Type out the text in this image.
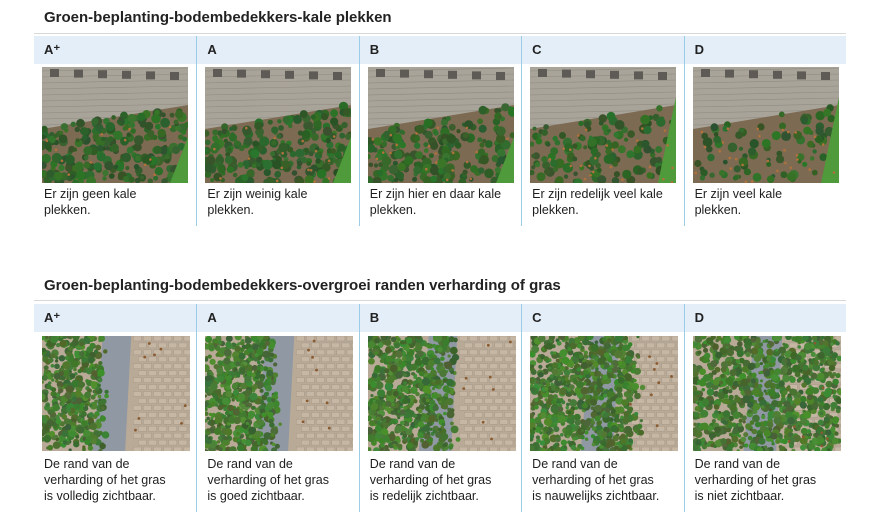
Groen-beplanting-bodembedekkers-kale plekken
A⁺
Er zijn geen kale
plekken.
A
Er zijn weinig kale
plekken.
B
Er zijn hier en daar kale
plekken.
C
Er zijn redelijk veel kale
plekken.
D
Er zijn veel kale
plekken.
Groen-beplanting-bodembedekkers-overgroei randen verharding of gras
A⁺
De rand van de
verharding of het gras
is volledig zichtbaar.
A
De rand van de
verharding of het gras
is goed zichtbaar.
B
De rand van de
verharding of het gras
is redelijk zichtbaar.
C
De rand van de
verharding of het gras
is nauwelijks zichtbaar.
D
De rand van de
verharding of het gras
is niet zichtbaar.
